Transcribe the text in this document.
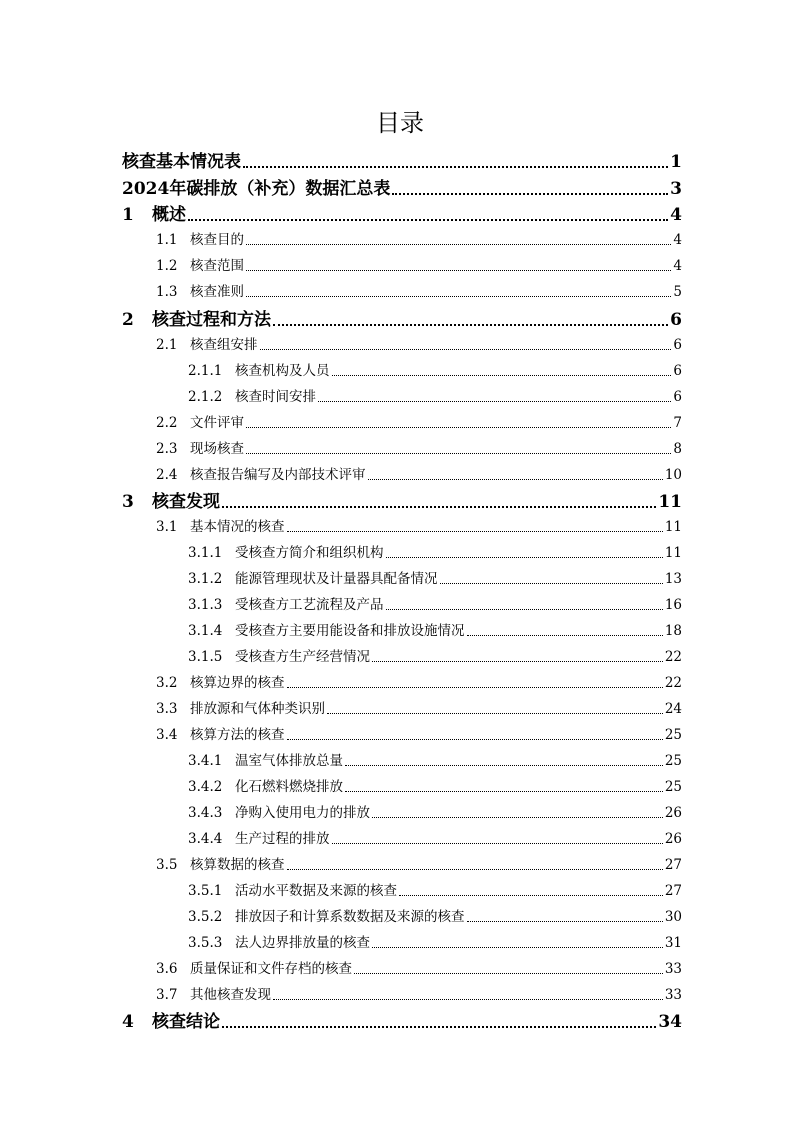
目录
核查基本情况表	1
2024年碳排放（补充）数据汇总表	3
1	概述	4
1.1 核查目的	4
1.2 核查范围	4
1.3 核查准则	5
2	核查过程和方法	6
2.1 核查组安排	6
2.1.1 核查机构及人员	6
2.1.2 核查时间安排	6
2.2 文件评审	7
2.3 现场核查	8
2.4 核查报告编写及内部技术评审	10
3	核查发现	11
3.1 基本情况的核查	11
3.1.1 受核查方简介和组织机构	11
3.1.2 能源管理现状及计量器具配备情况	13
3.1.3 受核查方工艺流程及产品	16
3.1.4 受核查方主要用能设备和排放设施情况	18
3.1.5 受核查方生产经营情况	22
3.2 核算边界的核查	22
3.3 排放源和气体种类识别	24
3.4 核算方法的核查	25
3.4.1 温室气体排放总量	25
3.4.2 化石燃料燃烧排放	25
3.4.3 净购入使用电力的排放	26
3.4.4 生产过程的排放	26
3.5 核算数据的核查	27
3.5.1 活动水平数据及来源的核查	27
3.5.2 排放因子和计算系数数据及来源的核查	30
3.5.3 法人边界排放量的核查	31
3.6 质量保证和文件存档的核查	33
3.7 其他核查发现	33
4	核查结论	34
